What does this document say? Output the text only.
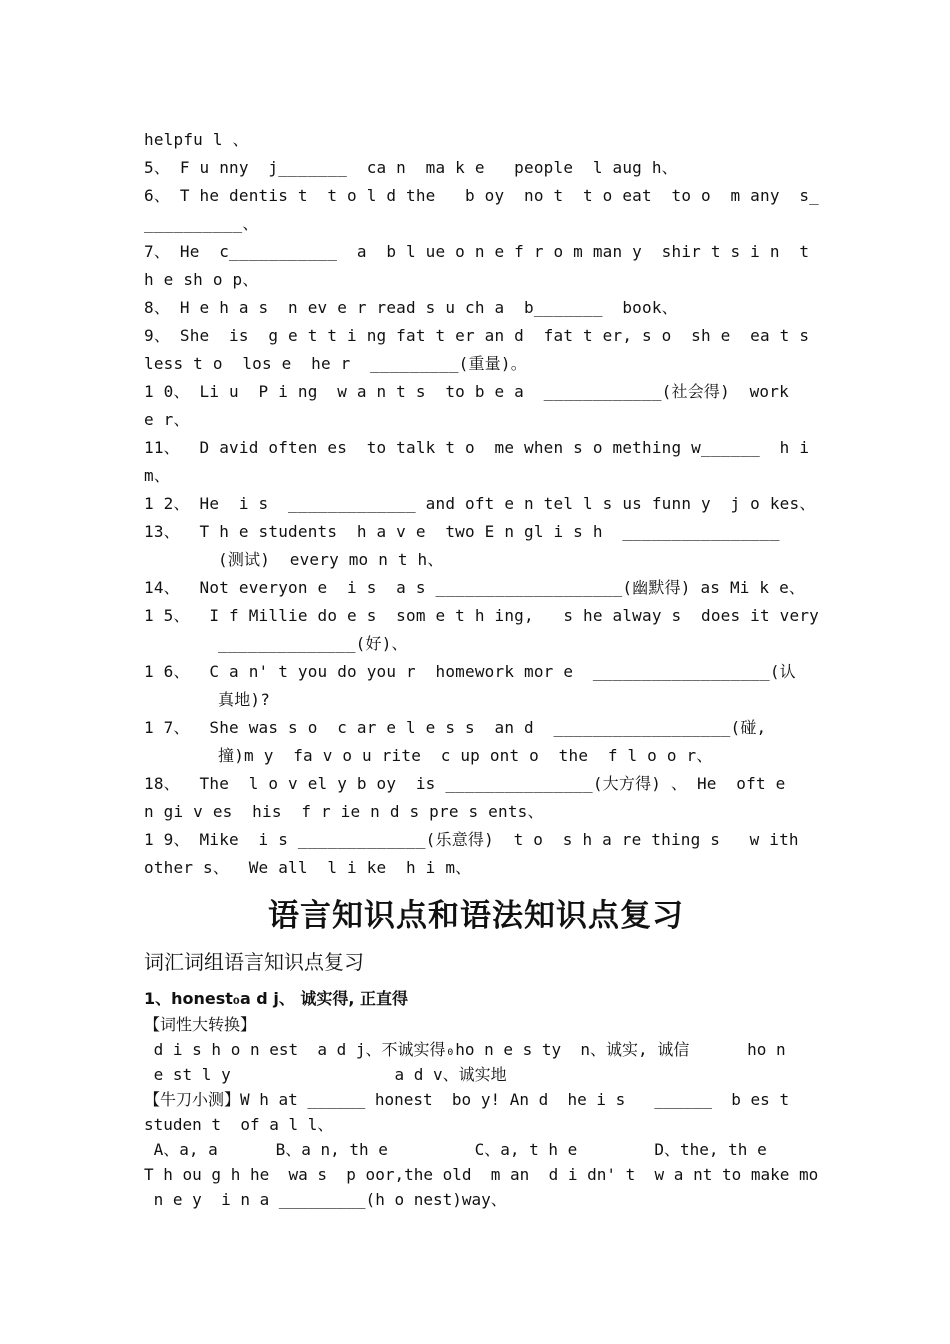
helpfu l 、
5、 F u nny  j_______  ca n  ma k e   people  l aug h、
6、 T he dentis t  t o l d the   b oy  no t  t o eat  to o  m any  s_
__________、
7、 He  c___________  a  b l ue o n e f r o m man y  shir t s i n  t
h e sh o p、
8、 H e h a s  n ev e r read s u ch a  b_______  book、
9、 She  is  g e t t i ng fat t er an d  fat t er, s o  sh e  ea t s
less t o  los e  he r  _________(重量)。
1 0、 Li u  P i ng  w a n t s  to b e a  ____________(社会得)  work
e r、
11、  D avid often es  to talk t o  me when s o mething w______  h i
m、
1 2、 He  i s  _____________ and oft e n tel l s us funn y  j o kes、
13、  T h e students  h a v e  two E n gl i s h  ________________
(测试)  every mo n t h、
14、  Not everyon e  i s  a s ___________________(幽默得) as Mi k e、
1 5、  I f Millie do e s  som e t h ing,   s he alway s  does it very
______________(好)、
1 6、  C a n' t you do you r  homework mor e  __________________(认
真地)?
1 7、  She was s o  c ar e l e s s  an d  __________________(碰,
撞)m y  fa v o u rite  c up ont o  the  f l o o r、
18、  The  l o v el y b oy  is _______________(大方得) 、 He  oft e
n gi v es  his  f r ie n d s pre s ents、
1 9、 Mike  i s _____________(乐意得)  t o  s h a re thing s   w ith
other s、  We all  l i ke  h i m、
语言知识点和语法知识点复习
词汇词组语言知识点复习
1、honest₀a d j、 诚实得, 正直得
【词性大转换】
d i s h o n est  a d j、不诚实得₀ho n e s ty  n、诚实, 诚信      ho n
e st l y                 a d v、诚实地
【牛刀小测】W h at ______ honest  bo y! An d  he i s   ______  b es t
studen t  of a l l、
A、a, a      B、a n, th e         C、a, t h e        D、the, th e
T h ou g h he  wa s  p oor,the old  m an  d i dn' t  w a nt to make mo
n e y  i n a _________(h o nest)way、
